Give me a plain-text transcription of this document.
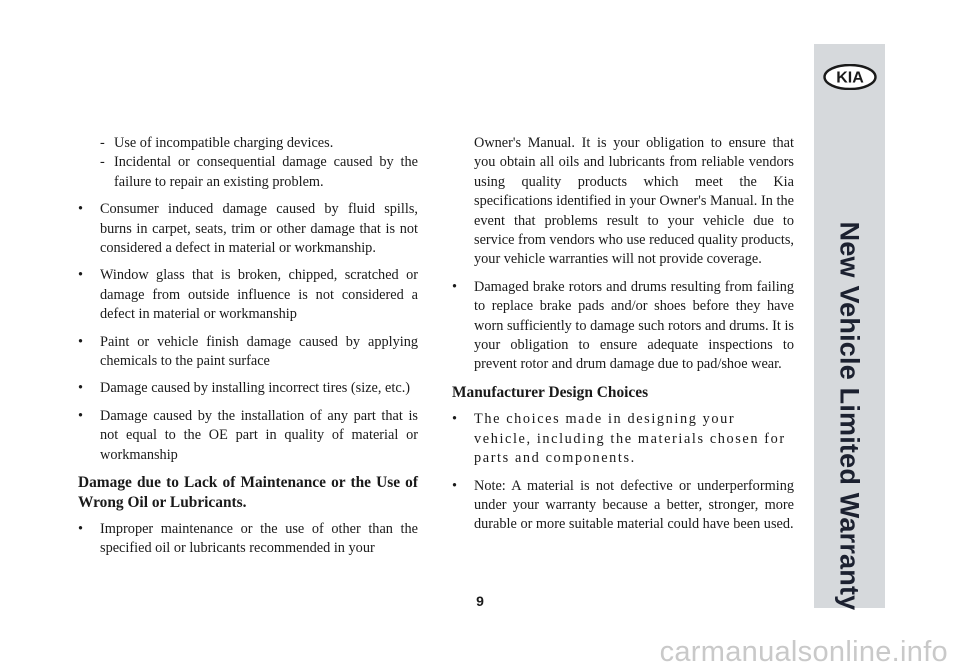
- Use of incompatible charging devices.

- Incidental or consequential damage caused by the failure to repair an existing problem.

• Consumer induced damage caused by fluid spills, burns in carpet, seats, trim or other damage that is not considered a defect in material or workmanship.

• Window glass that is broken, chipped, scratched or damage from outside influence is not considered a defect in material or workmanship

• Paint or vehicle finish damage caused by applying chemicals to the paint surface

• Damage caused by installing incorrect tires (size, etc.)

• Damage caused by the installation of any part that is not equal to the OE part in quality of material or workmanship

Damage due to Lack of Maintenance or the Use of Wrong Oil or Lubricants.

• Improper maintenance or the use of other than the specified oil or lubricants recommended in your

Owner's Manual. It is your obligation to ensure that you obtain all oils and lubricants from reliable vendors using quality products which meet the Kia specifications identified in your Owner's Manual. In the event that problems result to your vehicle due to service from vendors who use reduced quality products, your vehicle warranties will not provide coverage.

• Damaged brake rotors and drums resulting from failing to replace brake pads and/or shoes before they have worn sufficiently to damage such rotors and drums. It is your obligation to ensure adequate inspections to prevent rotor and drum damage due to pad/shoe wear.

Manufacturer Design Choices

• The choices made in designing your vehicle, including the materials chosen for parts and components.

• Note: A material is not defective or underperforming under your warranty because a better, stronger, more durable or more suitable material could have been used.

9
KIA
New Vehicle Limited Warranty
carmanualsonline.info
